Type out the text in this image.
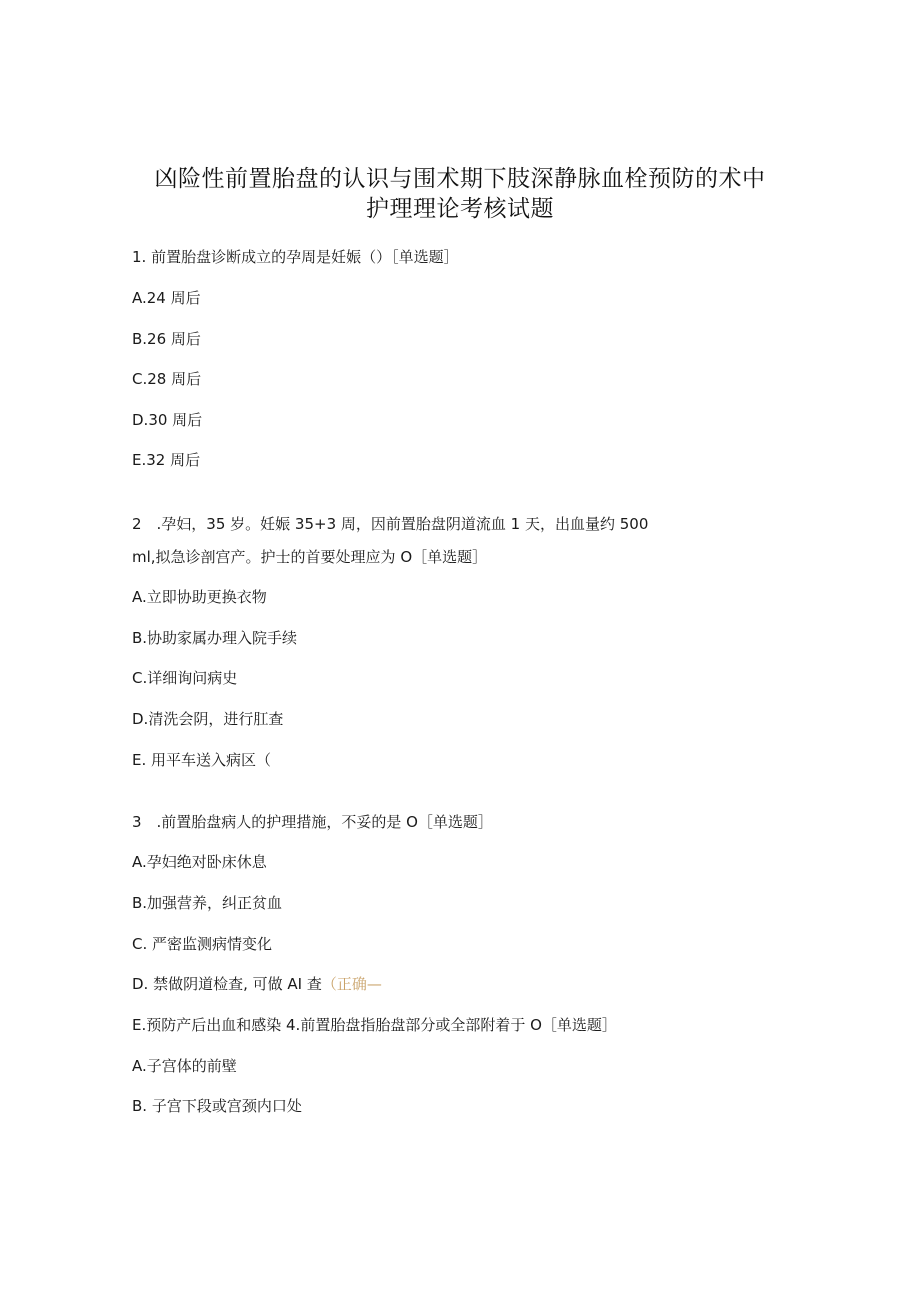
凶险性前置胎盘的认识与围术期下肢深静脉血栓预防的术中
护理理论考核试题
1. 前置胎盘诊断成立的孕周是妊娠（）［单选题］
A.24 周后
B.26 周后
C.28 周后
D.30 周后
E.32 周后
2　.孕妇，35 岁。妊娠 35+3 周，因前置胎盘阴道流血 1 天，出血量约 500
ml,拟急诊剖宫产。护士的首要处理应为 O［单选题］
A.立即协助更换衣物
B.协助家属办理入院手续
C.详细询问病史
D.清洗会阴，进行肛查
E. 用平车送入病区（
3　.前置胎盘病人的护理措施，不妥的是 O［单选题］
A.孕妇绝对卧床休息
B.加强营养，纠正贫血
C. 严密监测病情变化
D. 禁做阴道检查, 可做 AI 查（正确—
E.预防产后出血和感染 4.前置胎盘指胎盘部分或全部附着于 O［单选题］
A.子宫体的前壁
B. 子宫下段或宫颈内口处
